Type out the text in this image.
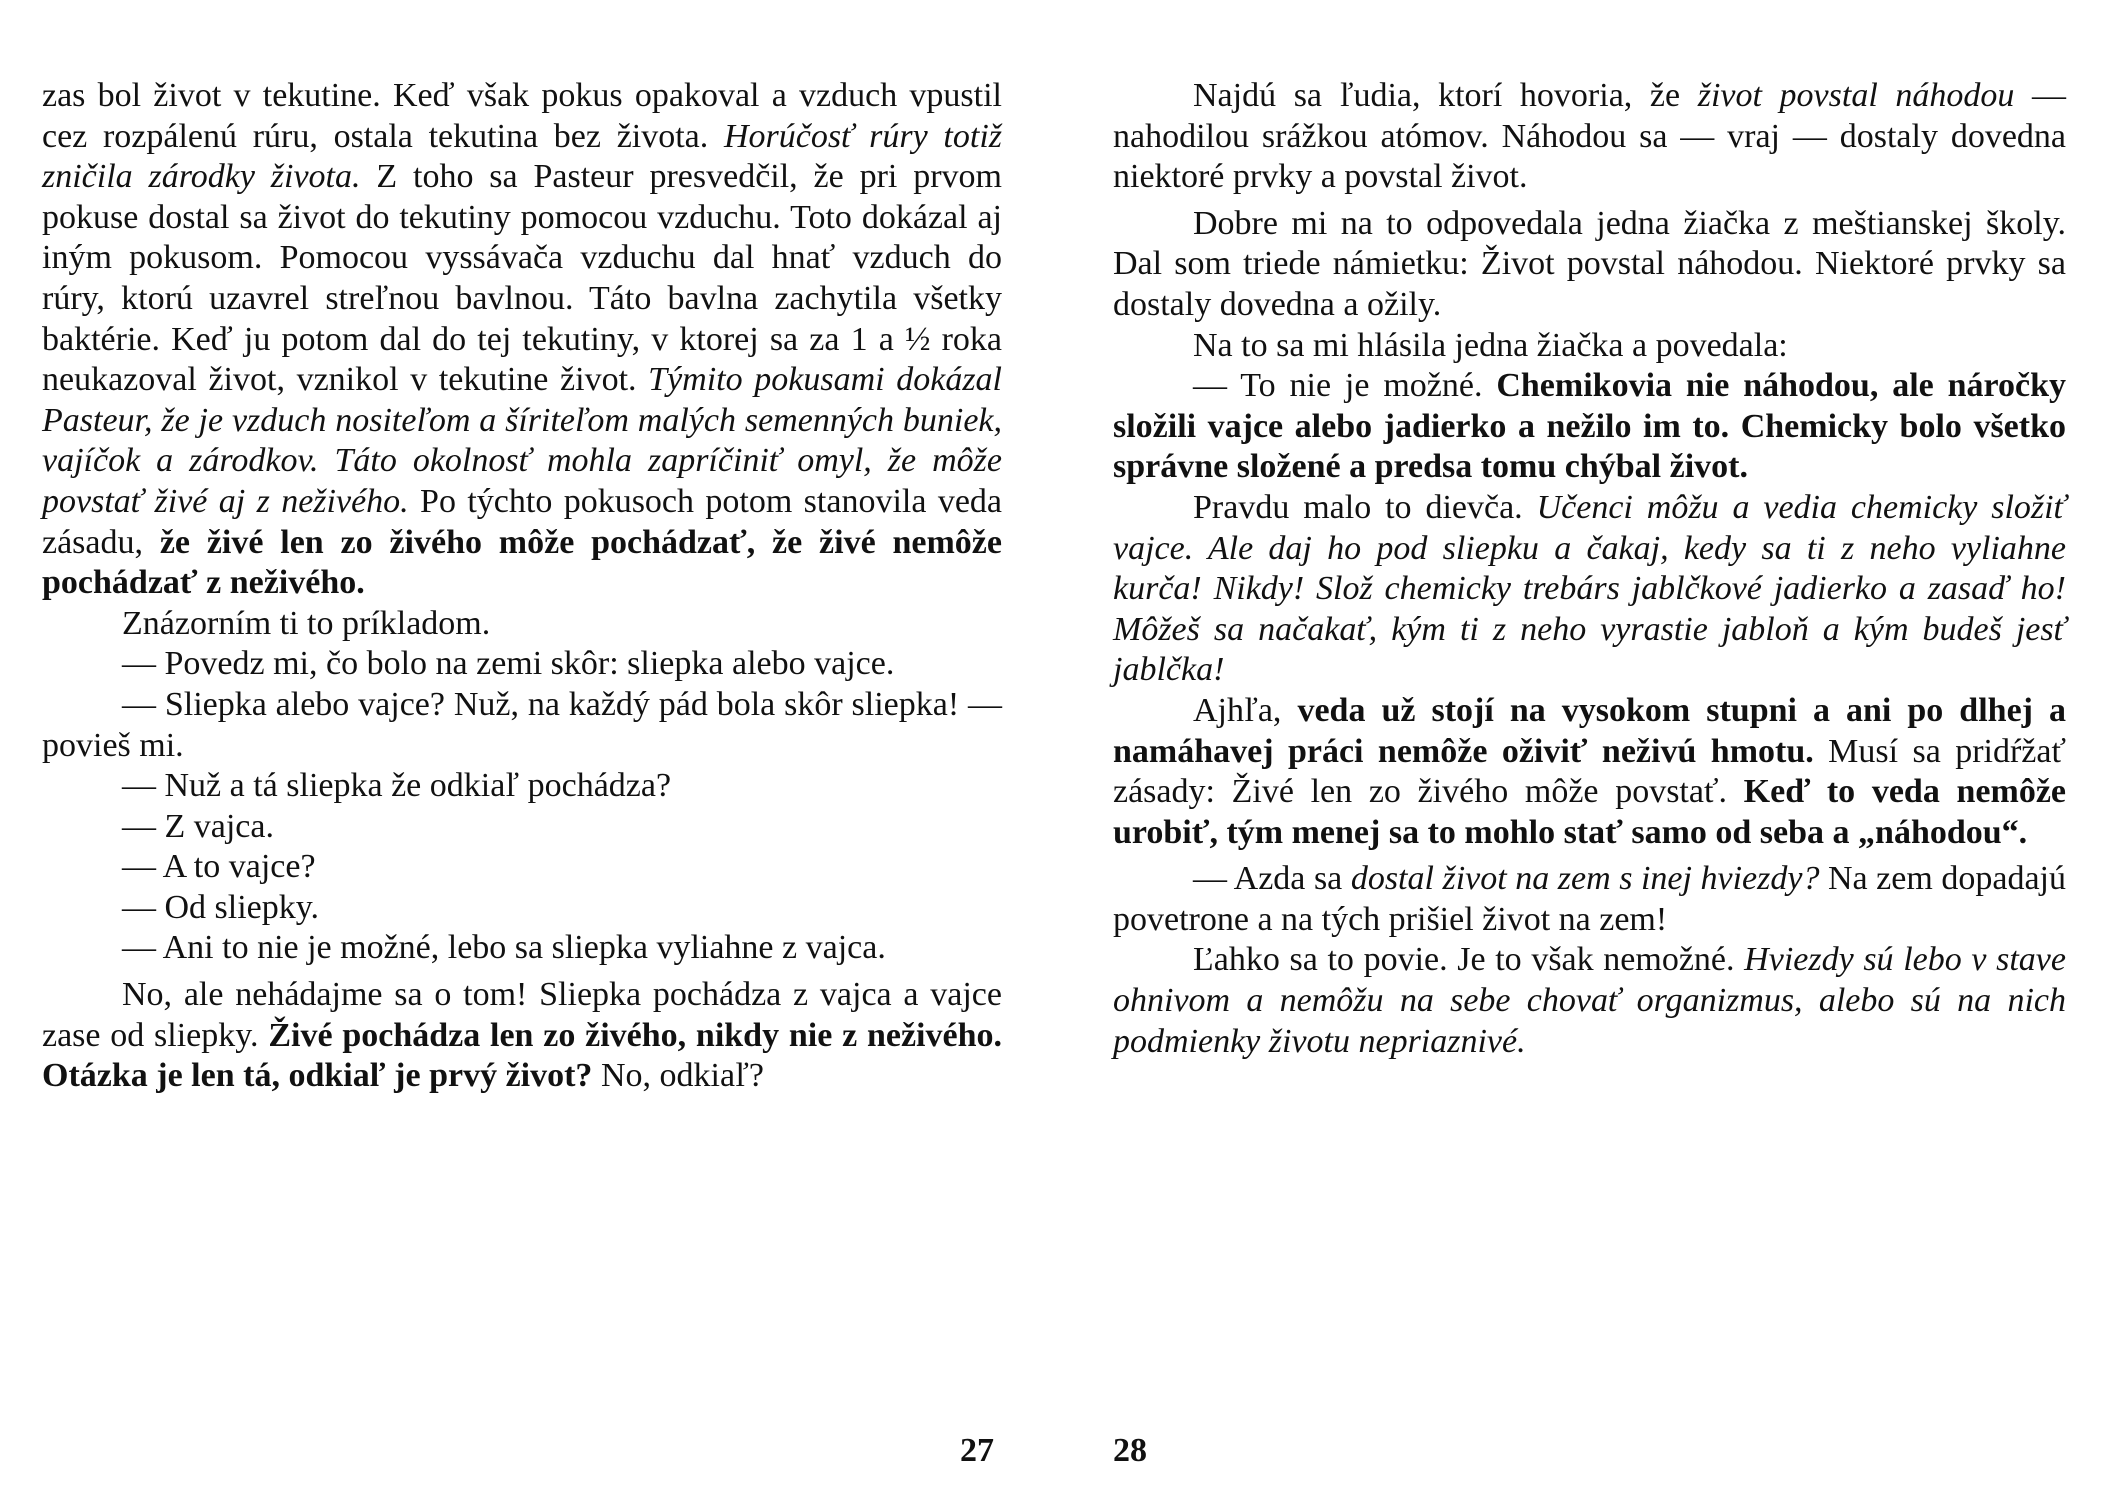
zas bol život v tekutine. Keď však pokus opakoval a vzduch vpustil cez rozpálenú rúru, ostala tekutina bez života. Horúčosť rúry totiž zničila zárodky života. Z toho sa Pasteur presvedčil, že pri prvom pokuse dostal sa život do tekutiny pomocou vzduchu. Toto dokázal aj iným pokusom. Pomocou vyssávača vzduchu dal hnať vzduch do rúry, ktorú uzavrel streľnou bavlnou. Táto bavlna zachytila všetky baktérie. Keď ju potom dal do tej tekutiny, v ktorej sa za 1 a ½ roka neukazoval život, vznikol v tekutine život. Týmito pokusami dokázal Pasteur, že je vzduch nositeľom a šíriteľom malých semenných buniek, vajíčok a zárodkov. Táto okolnosť mohla zapríčiniť omyl, že môže povstať živé aj z neživého. Po týchto pokusoch potom stanovila veda zásadu, že živé len zo živého môže pochádzať, že živé nemôže pochádzať z neživého.

Znázorním ti to príkladom.

— Povedz mi, čo bolo na zemi skôr: sliepka alebo vajce.

— Sliepka alebo vajce? Nuž, na každý pád bola skôr sliepka! — povieš mi.

— Nuž a tá sliepka že odkiaľ pochádza?

— Z vajca.

— A to vajce?

— Od sliepky.

— Ani to nie je možné, lebo sa sliepka vyliahne z vajca.

No, ale nehádajme sa o tom! Sliepka pochádza z vajca a vajce zase od sliepky. Živé pochádza len zo živého, nikdy nie z neživého. Otázka je len tá, odkiaľ je prvý život? No, odkiaľ?

27

Najdú sa ľudia, ktorí hovoria, že život povstal náhodou — nahodilou srážkou atómov. Náhodou sa — vraj — dostaly dovedna niektoré prvky a povstal život.

Dobre mi na to odpovedala jedna žiačka z meštianskej školy. Dal som triede námietku: Život povstal náhodou. Niektoré prvky sa dostaly dovedna a ožily.

Na to sa mi hlásila jedna žiačka a povedala:

— To nie je možné. Chemikovia nie náhodou, ale náročky složili vajce alebo jadierko a nežilo im to. Chemicky bolo všetko správne složené a predsa tomu chýbal život.

Pravdu malo to dievča. Učenci môžu a vedia chemicky složiť vajce. Ale daj ho pod sliepku a čakaj, kedy sa ti z neho vyliahne kurča! Nikdy! Slož chemicky trebárs jablčkové jadierko a zasaď ho! Môžeš sa načakať, kým ti z neho vyrastie jabloň a kým budeš jesť jablčka!

Ajhľa, veda už stojí na vysokom stupni a ani po dlhej a namáhavej práci nemôže oživiť neživú hmotu. Musí sa pridŕžať zásady: Živé len zo živého môže povstať. Keď to veda nemôže urobiť, tým menej sa to mohlo stať samo od seba a „náhodou“.

— Azda sa dostal život na zem s inej hviezdy? Na zem dopadajú povetrone a na tých prišiel život na zem!

Ľahko sa to povie. Je to však nemožné. Hviezdy sú lebo v stave ohnivom a nemôžu na sebe chovať organizmus, alebo sú na nich podmienky životu nepriaznivé.

28
